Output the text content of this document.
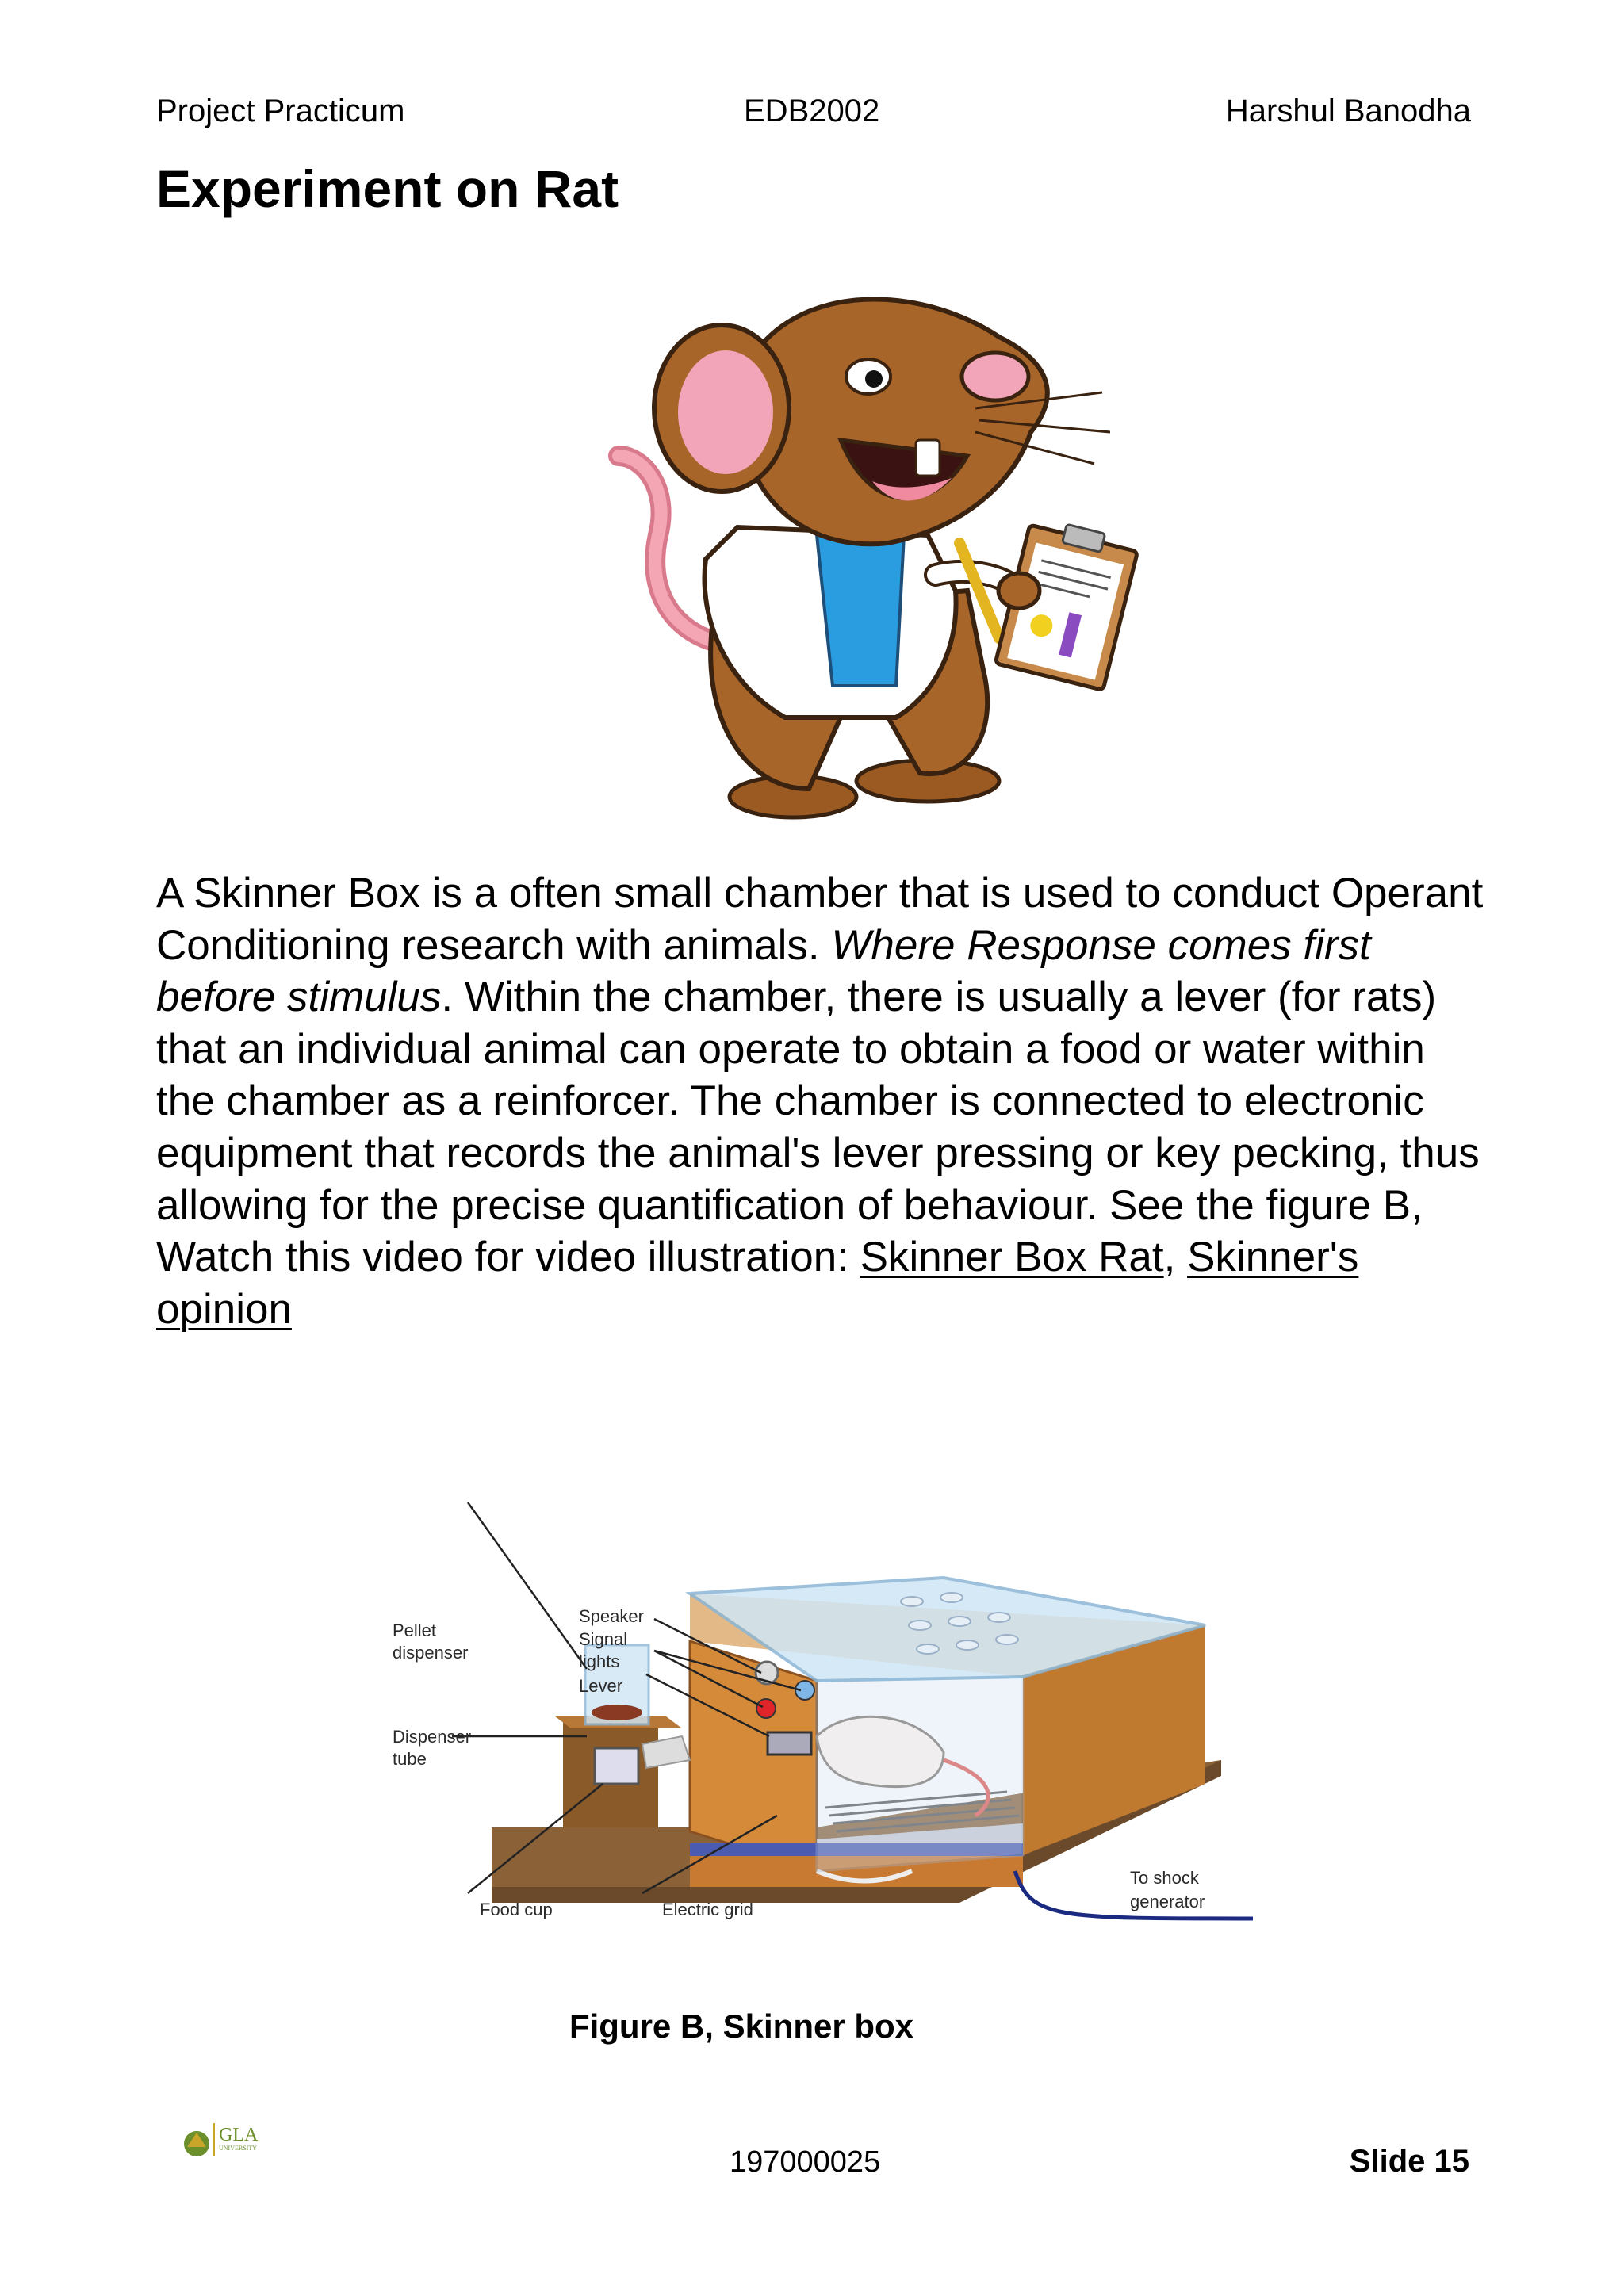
Project Practicum	EDB2002	Harshul Banodha
Experiment on Rat

A Skinner Box is a often small chamber that is used to conduct Operant Conditioning research with animals. Where Response comes first before stimulus. Within the chamber, there is usually a lever (for rats) that an individual animal can operate to obtain a food or water within the chamber as a reinforcer. The chamber is connected to electronic equipment that records the animal's lever pressing or key pecking, thus allowing for the precise quantification of behaviour. See the figure B, Watch this video for video illustration: Skinner Box Rat, Skinner's opinion

Speaker
Signal
lights
Lever
Pellet
dispenser
Dispenser
tube
Food cup	Electric grid
To shock
generator
Figure B, Skinner box
GLA
UNIVERSITY	197000025	Slide 15
